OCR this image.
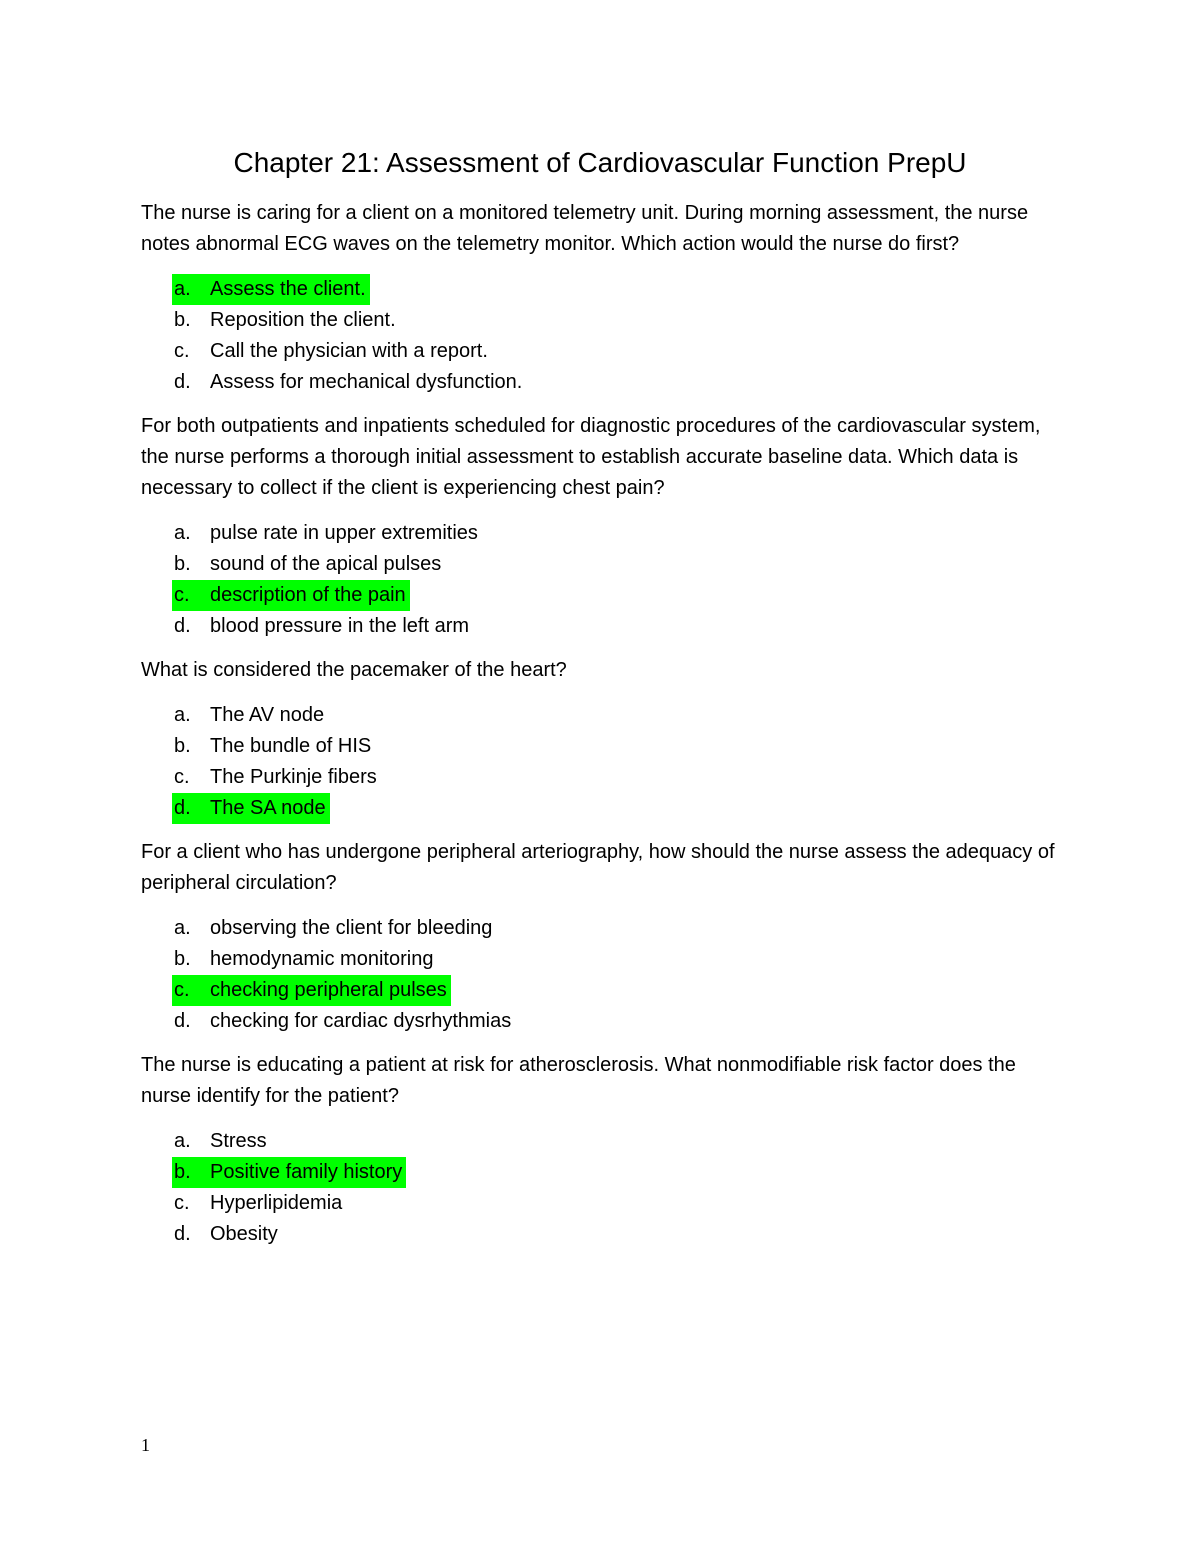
Chapter 21: Assessment of Cardiovascular Function PrepU

The nurse is caring for a client on a monitored telemetry unit. During morning assessment, the nurse notes abnormal ECG waves on the telemetry monitor. Which action would the nurse do first?

a. Assess the client.
b. Reposition the client.
c. Call the physician with a report.
d. Assess for mechanical dysfunction.

For both outpatients and inpatients scheduled for diagnostic procedures of the cardiovascular system, the nurse performs a thorough initial assessment to establish accurate baseline data. Which data is necessary to collect if the client is experiencing chest pain?

a. pulse rate in upper extremities
b. sound of the apical pulses
c. description of the pain
d. blood pressure in the left arm

What is considered the pacemaker of the heart?

a. The AV node
b. The bundle of HIS
c. The Purkinje fibers
d. The SA node

For a client who has undergone peripheral arteriography, how should the nurse assess the adequacy of peripheral circulation?

a. observing the client for bleeding
b. hemodynamic monitoring
c. checking peripheral pulses
d. checking for cardiac dysrhythmias

The nurse is educating a patient at risk for atherosclerosis. What nonmodifiable risk factor does the nurse identify for the patient?

a. Stress
b. Positive family history
c. Hyperlipidemia
d. Obesity
1
